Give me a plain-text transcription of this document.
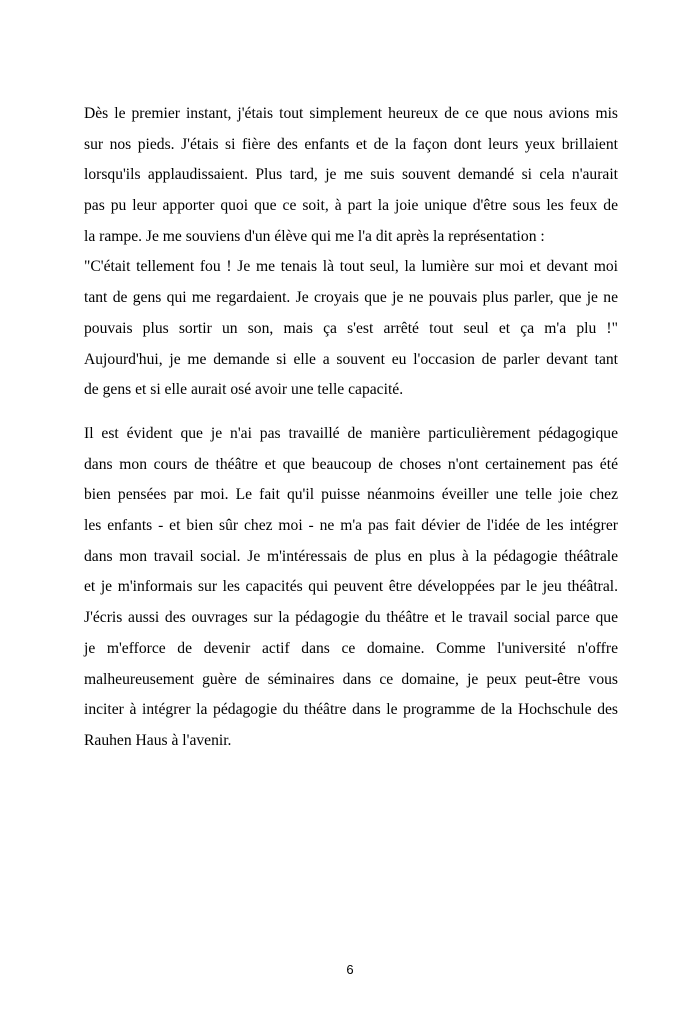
Dès le premier instant, j'étais tout simplement heureux de ce que nous avions mis
sur nos pieds. J'étais si fière des enfants et de la façon dont leurs yeux brillaient
lorsqu'ils applaudissaient. Plus tard, je me suis souvent demandé si cela n'aurait
pas pu leur apporter quoi que ce soit, à part la joie unique d'être sous les feux de
la rampe. Je me souviens d'un élève qui me l'a dit après la représentation :
"C'était tellement fou ! Je me tenais là tout seul, la lumière sur moi et devant moi
tant de gens qui me regardaient. Je croyais que je ne pouvais plus parler, que je ne
pouvais plus sortir un son, mais ça s'est arrêté tout seul et ça m'a plu !"
Aujourd'hui, je me demande si elle a souvent eu l'occasion de parler devant tant
de gens et si elle aurait osé avoir une telle capacité.
Il est évident que je n'ai pas travaillé de manière particulièrement pédagogique
dans mon cours de théâtre et que beaucoup de choses n'ont certainement pas été
bien pensées par moi. Le fait qu'il puisse néanmoins éveiller une telle joie chez
les enfants - et bien sûr chez moi - ne m'a pas fait dévier de l'idée de les intégrer
dans mon travail social. Je m'intéressais de plus en plus à la pédagogie théâtrale
et je m'informais sur les capacités qui peuvent être développées par le jeu théâtral.
J'écris aussi des ouvrages sur la pédagogie du théâtre et le travail social parce que
je m'efforce de devenir actif dans ce domaine. Comme l'université n'offre
malheureusement guère de séminaires dans ce domaine, je peux peut-être vous
inciter à intégrer la pédagogie du théâtre dans le programme de la Hochschule des
Rauhen Haus à l'avenir.
6
